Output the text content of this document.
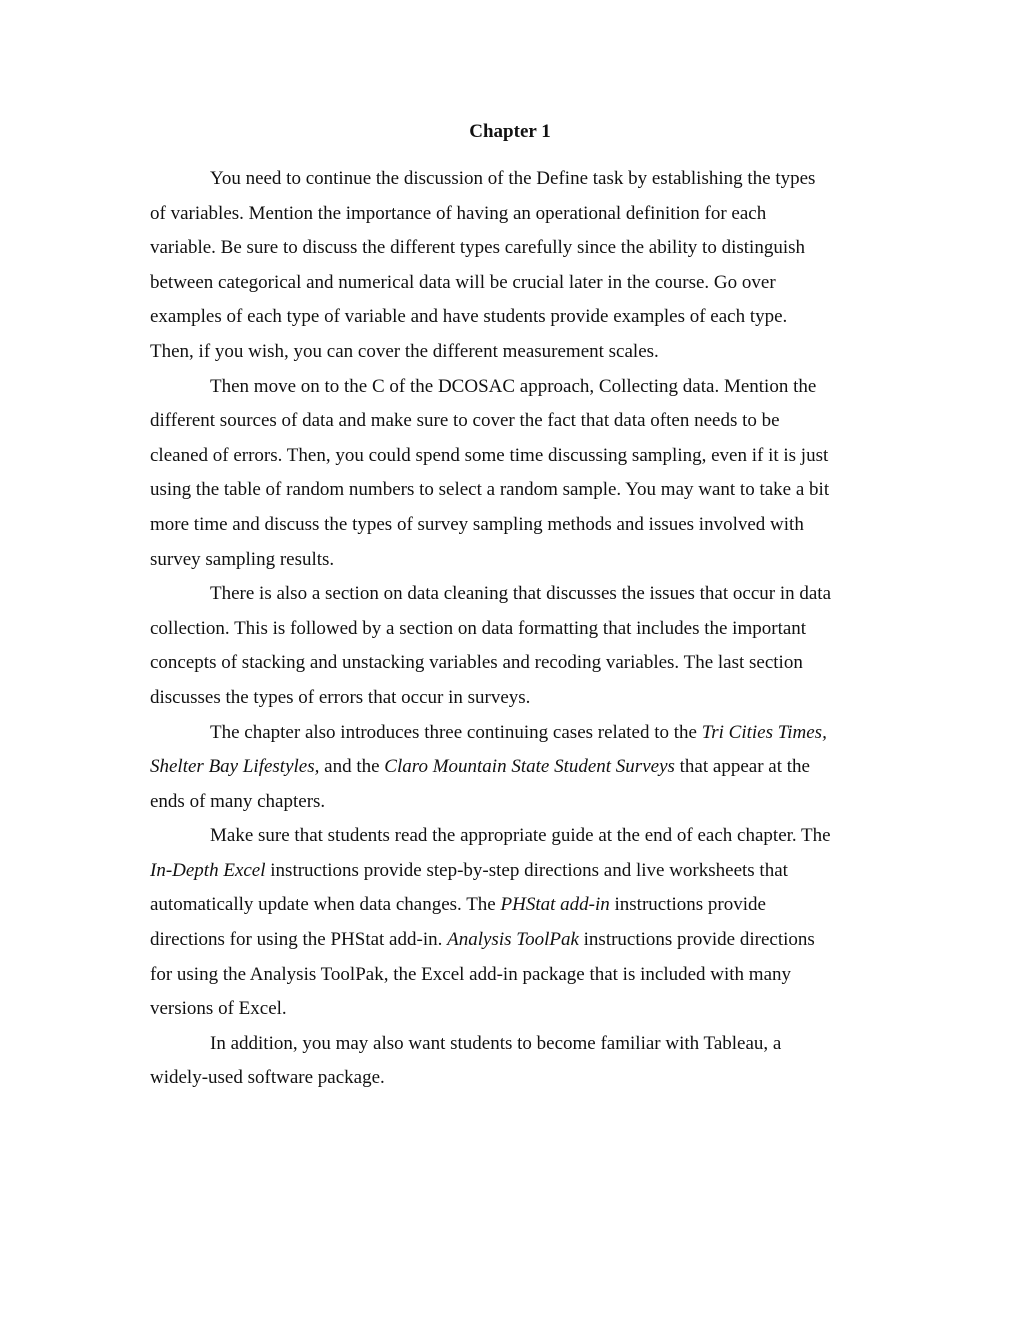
Chapter 1

You need to continue the discussion of the Define task by establishing the types
of variables. Mention the importance of having an operational definition for each
variable. Be sure to discuss the different types carefully since the ability to distinguish
between categorical and numerical data will be crucial later in the course. Go over
examples of each type of variable and have students provide examples of each type.
Then, if you wish, you can cover the different measurement scales.

Then move on to the C of the DCOSAC approach, Collecting data. Mention the
different sources of data and make sure to cover the fact that data often needs to be
cleaned of errors. Then, you could spend some time discussing sampling, even if it is just
using the table of random numbers to select a random sample. You may want to take a bit
more time and discuss the types of survey sampling methods and issues involved with
survey sampling results.

There is also a section on data cleaning that discusses the issues that occur in data
collection. This is followed by a section on data formatting that includes the important
concepts of stacking and unstacking variables and recoding variables. The last section
discusses the types of errors that occur in surveys.

The chapter also introduces three continuing cases related to the Tri Cities Times,
Shelter Bay Lifestyles, and the Claro Mountain State Student Surveys that appear at the
ends of many chapters.

Make sure that students read the appropriate guide at the end of each chapter. The
In-Depth Excel instructions provide step-by-step directions and live worksheets that
automatically update when data changes. The PHStat add-in instructions provide
directions for using the PHStat add-in. Analysis ToolPak instructions provide directions
for using the Analysis ToolPak, the Excel add-in package that is included with many
versions of Excel.

In addition, you may also want students to become familiar with Tableau, a
widely-used software package.
